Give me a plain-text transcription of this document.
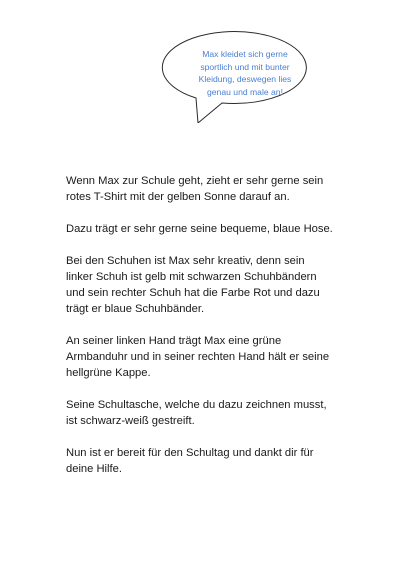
Max kleidet sich gerne
sportlich und mit bunter
Kleidung, deswegen lies
genau und male an!

Wenn Max zur Schule geht, zieht er sehr gerne sein
rotes T-Shirt mit der gelben Sonne darauf an.

Dazu trägt er sehr gerne seine bequeme, blaue Hose.

Bei den Schuhen ist Max sehr kreativ, denn sein
linker Schuh ist gelb mit schwarzen Schuhbändern
und sein rechter Schuh hat die Farbe Rot und dazu
trägt er blaue Schuhbänder.

An seiner linken Hand trägt Max eine grüne
Armbanduhr und in seiner rechten Hand hält er seine
hellgrüne Kappe.

Seine Schultasche, welche du dazu zeichnen musst,
ist schwarz-weiß gestreift.

Nun ist er bereit für den Schultag und dankt dir für
deine Hilfe.
